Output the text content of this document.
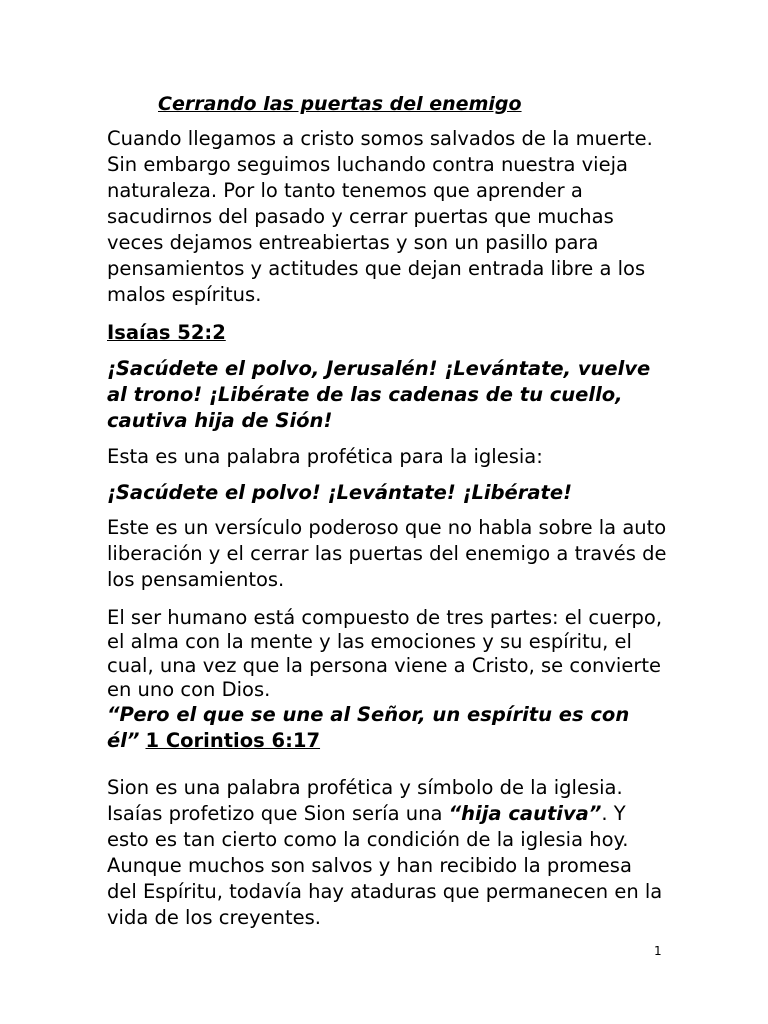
Cerrando las puertas del enemigo

Cuando llegamos a cristo somos salvados de la muerte. Sin embargo seguimos luchando contra nuestra vieja naturaleza. Por lo tanto tenemos que aprender a sacudirnos del pasado y cerrar puertas que muchas veces dejamos entreabiertas y son un pasillo para pensamientos y actitudes que dejan entrada libre a los malos espíritus.

Isaías 52:2

¡Sacúdete el polvo, Jerusalén! ¡Levántate, vuelve al trono! ¡Libérate de las cadenas de tu cuello, cautiva hija de Sión!

Esta es una palabra profética para la iglesia:

¡Sacúdete el polvo! ¡Levántate! ¡Libérate!

Este es un versículo poderoso que no habla sobre la auto liberación y el cerrar las puertas del enemigo a través de los pensamientos.

El ser humano está compuesto de tres partes: el cuerpo, el alma con la mente y las emociones y su espíritu, el cual, una vez que la persona viene a Cristo, se convierte en uno con Dios.

“Pero el que se une al Señor, un espíritu es con él” 1 Corintios 6:17

Sion es una palabra profética y símbolo de la iglesia. Isaías profetizo que Sion sería una “hija cautiva”. Y esto es tan cierto como la condición de la iglesia hoy. Aunque muchos son salvos y han recibido la promesa del Espíritu, todavía hay ataduras que permanecen en la vida de los creyentes.

1
